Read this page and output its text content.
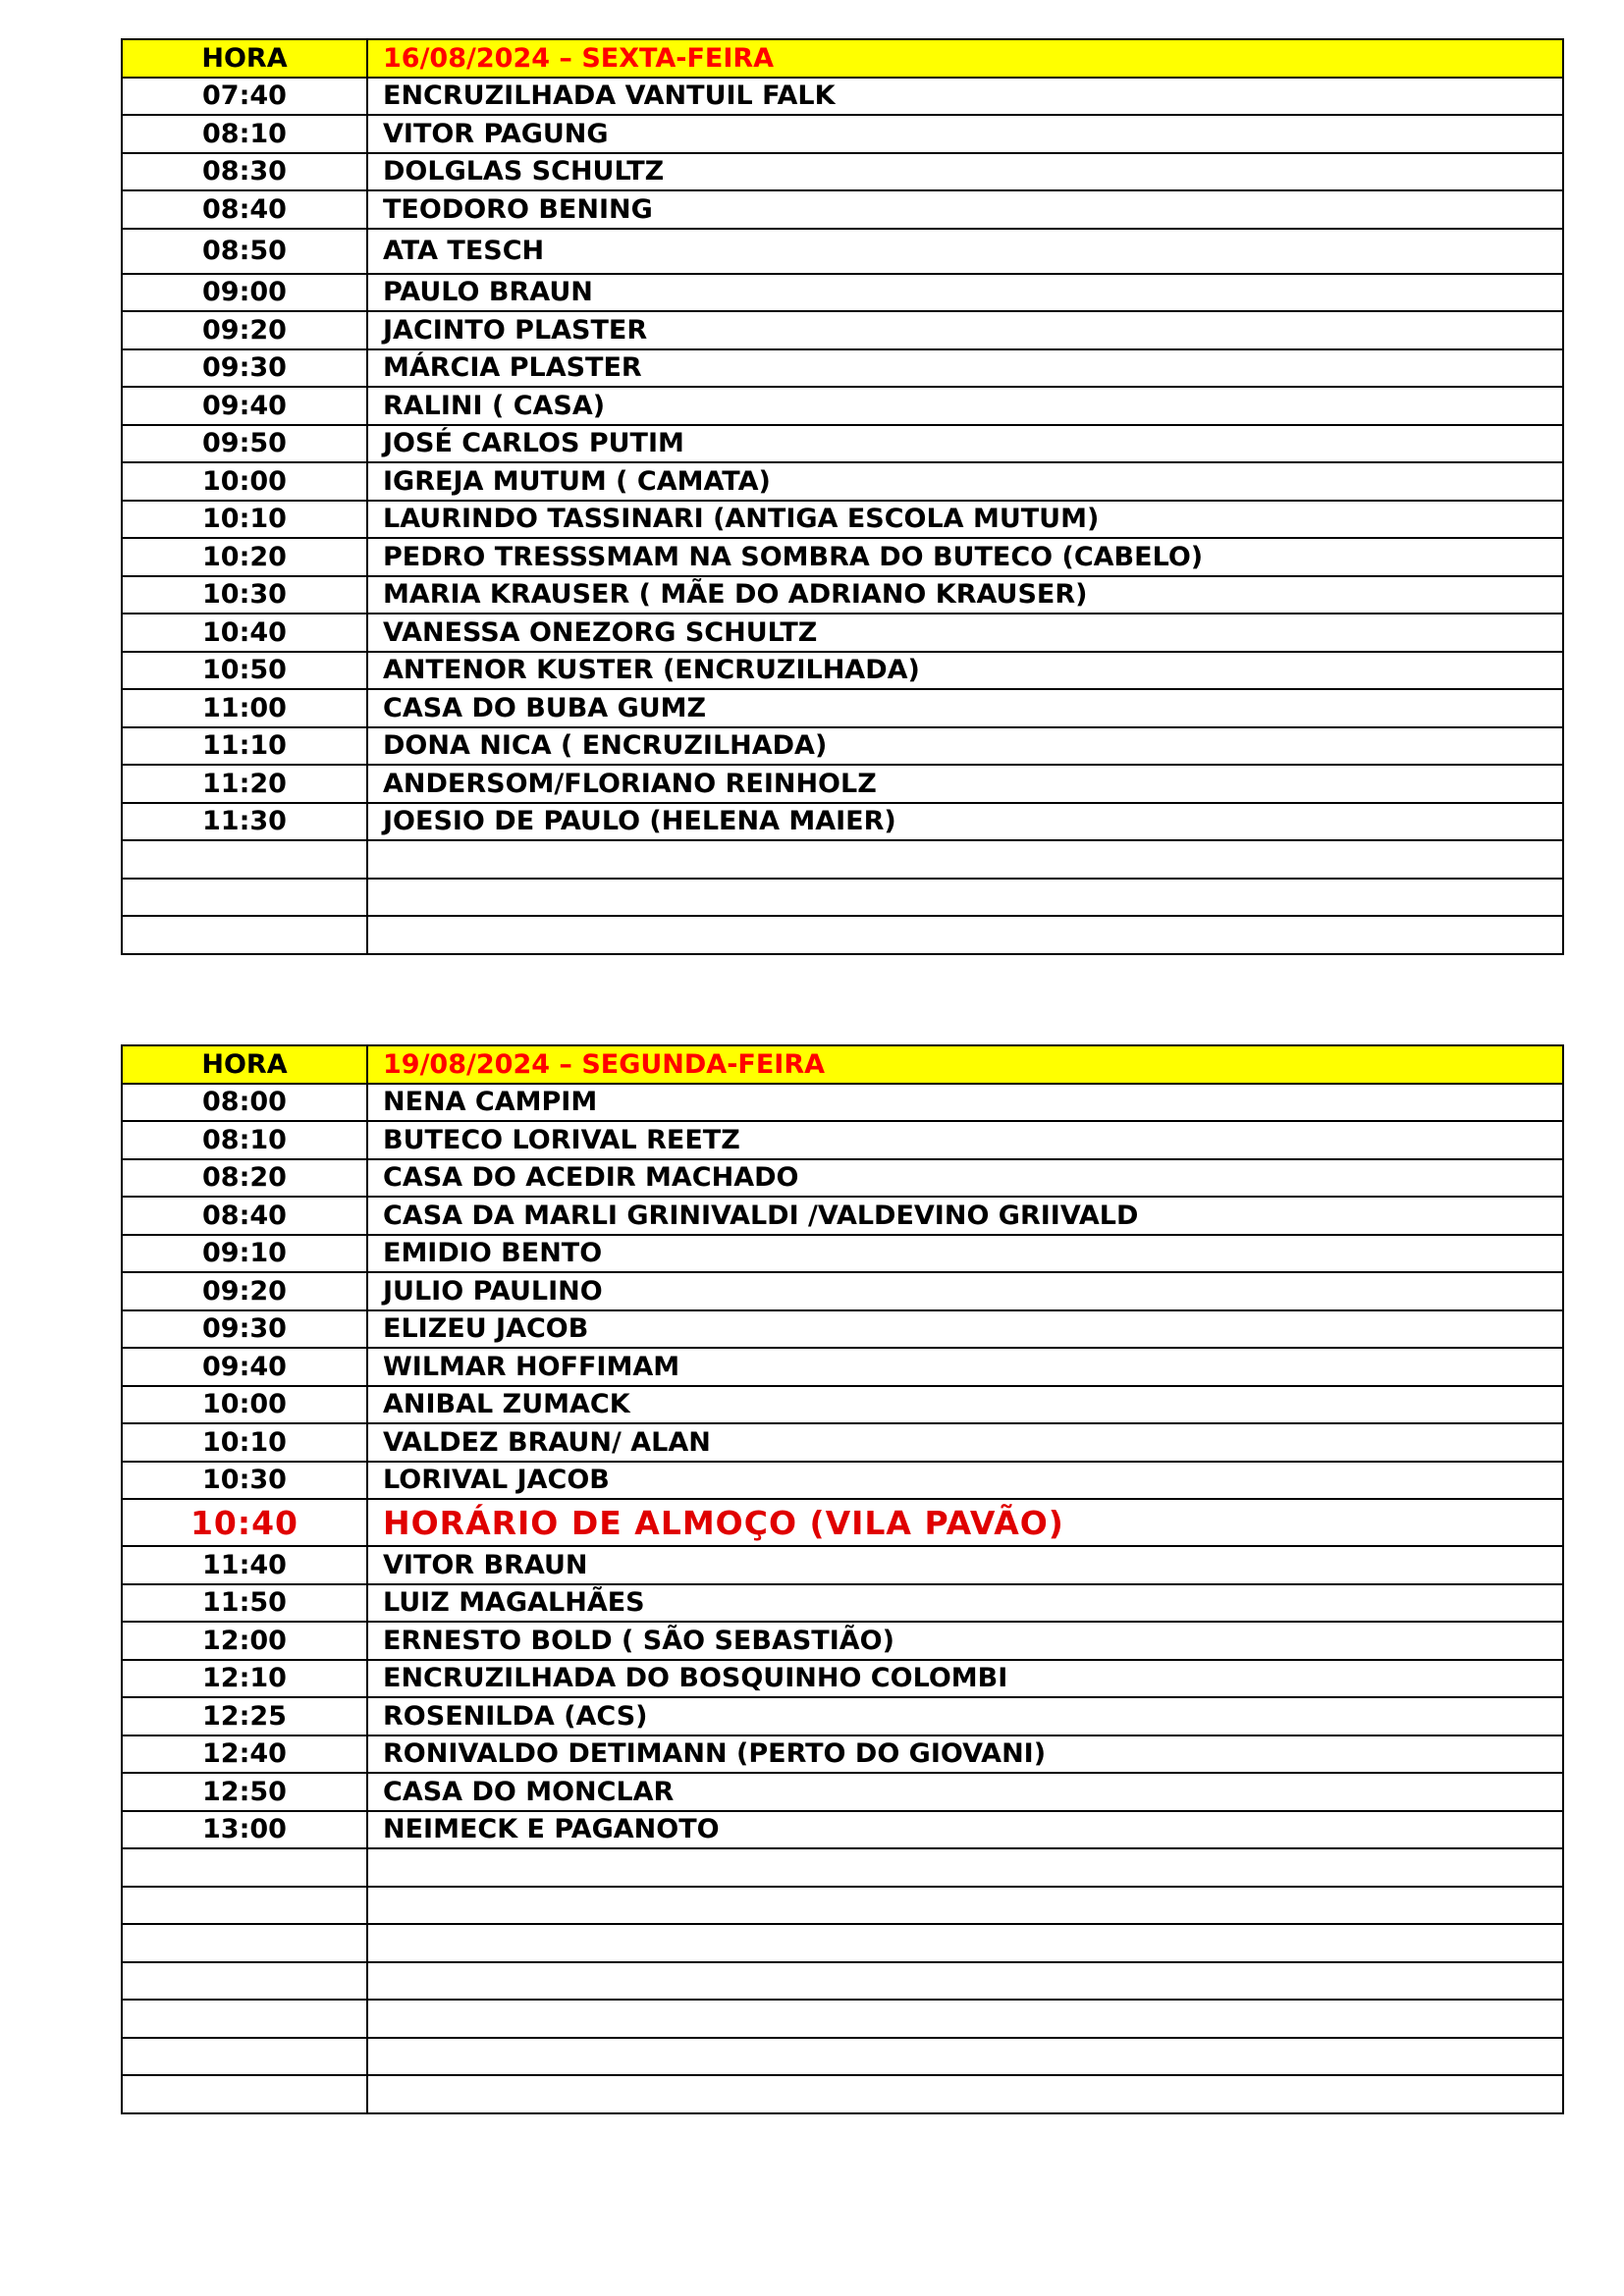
HORA	16/08/2024 – SEXTA-FEIRA
07:40	ENCRUZILHADA VANTUIL FALK
08:10	VITOR PAGUNG
08:30	DOLGLAS SCHULTZ
08:40	TEODORO BENING
08:50	ATA TESCH
09:00	PAULO BRAUN
09:20	JACINTO PLASTER
09:30	MÁRCIA PLASTER
09:40	RALINI ( CASA)
09:50	JOSÉ CARLOS PUTIM
10:00	IGREJA MUTUM ( CAMATA)
10:10	LAURINDO TASSINARI (ANTIGA ESCOLA MUTUM)
10:20	PEDRO TRESSSMAM NA SOMBRA DO BUTECO (CABELO)
10:30	MARIA KRAUSER ( MÃE DO ADRIANO KRAUSER)
10:40	VANESSA ONEZORG SCHULTZ
10:50	ANTENOR KUSTER (ENCRUZILHADA)
11:00	CASA DO BUBA GUMZ
11:10	DONA NICA ( ENCRUZILHADA)
11:20	ANDERSOM/FLORIANO REINHOLZ
11:30	JOESIO DE PAULO (HELENA MAIER)

HORA	19/08/2024 – SEGUNDA-FEIRA
08:00	NENA CAMPIM
08:10	BUTECO LORIVAL REETZ
08:20	CASA DO ACEDIR MACHADO
08:40	CASA DA MARLI GRINIVALDI /VALDEVINO GRIIVALD
09:10	EMIDIO BENTO
09:20	JULIO PAULINO
09:30	ELIZEU JACOB
09:40	WILMAR HOFFIMAM
10:00	ANIBAL ZUMACK
10:10	VALDEZ BRAUN/ ALAN
10:30	LORIVAL JACOB
10:40	HORÁRIO DE ALMOÇO (VILA PAVÃO)
11:40	VITOR BRAUN
11:50	LUIZ MAGALHÃES
12:00	ERNESTO BOLD ( SÃO SEBASTIÃO)
12:10	ENCRUZILHADA DO BOSQUINHO COLOMBI
12:25	ROSENILDA (ACS)
12:40	RONIVALDO DETIMANN (PERTO DO GIOVANI)
12:50	CASA DO MONCLAR
13:00	NEIMECK E PAGANOTO
